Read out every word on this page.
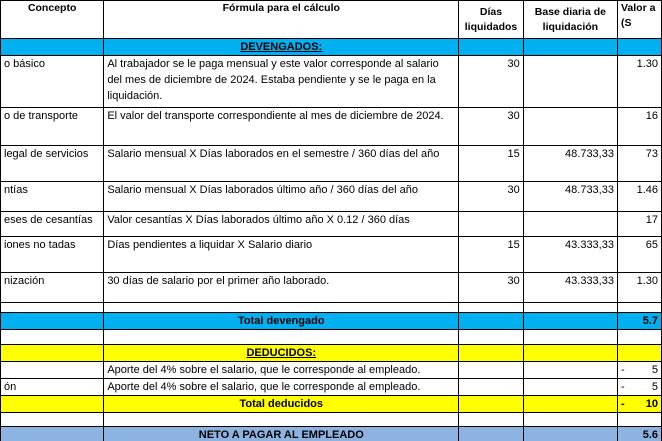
Concepto	Fórmula para el cálculo	Días liquidados	Base diaria de liquidación	Valor a (S
	DEVENGADOS:			
o básico	Al trabajador se le paga mensual y este valor corresponde al salario del mes de diciembre de 2024. Estaba pendiente y se le paga en la liquidación.	30		1.30
o de transporte	El valor del transporte correspondiente al mes de diciembre de 2024.	30		16
legal de servicios	Salario mensual X Días laborados en el semestre / 360 días del año	15	48.733,33	73
ntías	Salario mensual X Días laborados último año / 360 días del año	30	48.733,33	1.46
eses de cesantías	Valor cesantías X Días laborados último año X 0.12 / 360 días			17
iones no tadas	Días pendientes a liquidar X Salario diario	15	43.333,33	65
nización	30 días de salario por el primer año laborado.	30	43.333,33	1.30

	Total devengado			5.7

	DEDUCIDOS:			
	Aporte del 4% sobre el salario, que le corresponde al empleado.			- 5

ón	Aporte del 4% sobre el salario, que le corresponde al empleado.			- 5

	Total deducidos			- 10

	NETO A PAGAR AL EMPLEADO			5.6
